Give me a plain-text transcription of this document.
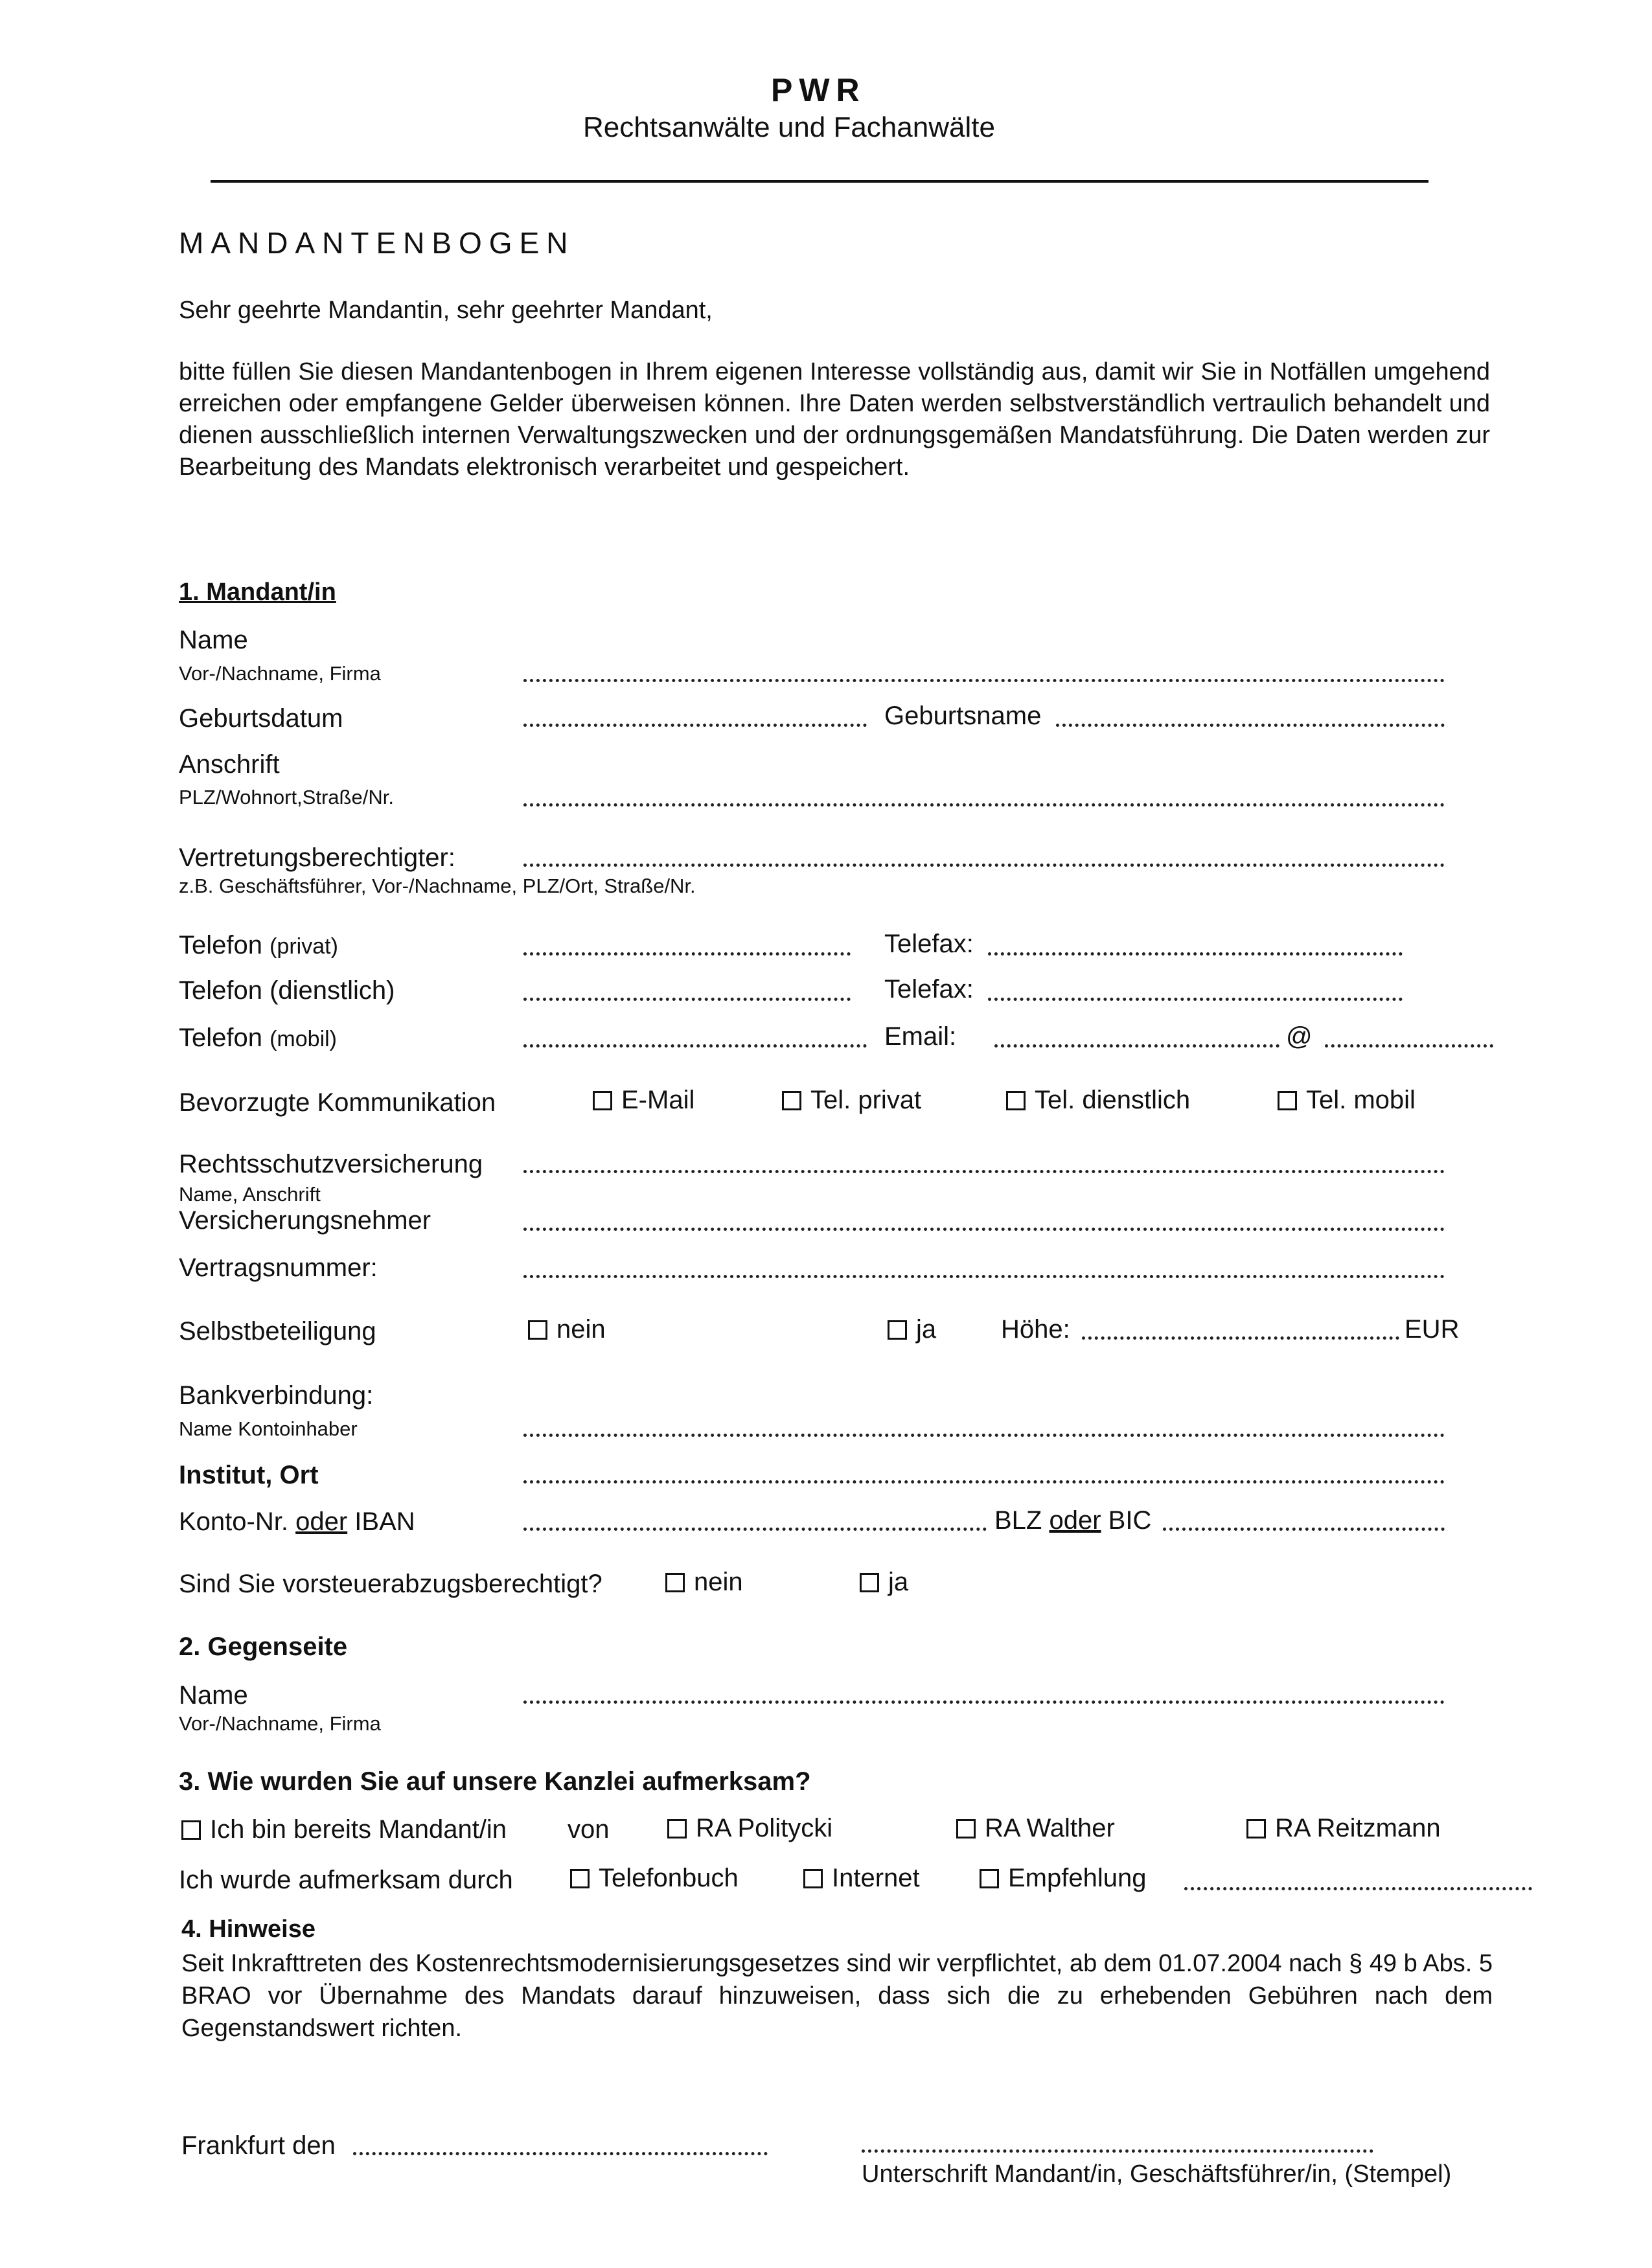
PWR
Rechtsanwälte und Fachanwälte
MANDANTENBOGEN
Sehr geehrte Mandantin, sehr geehrter Mandant,
bitte füllen Sie diesen Mandantenbogen in Ihrem eigenen Interesse vollständig aus, damit wir Sie in Notfällen umgehend erreichen oder empfangene Gelder überweisen können. Ihre Daten werden selbstverständlich vertraulich behandelt und dienen ausschließlich internen Verwaltungszwecken und der ordnungsgemäßen Mandatsführung. Die Daten werden zur Bearbeitung des Mandats elektronisch verarbeitet und gespeichert.
1. Mandant/in
Name
Vor-/Nachname, Firma
Geburtsdatum	Geburtsname
Anschrift
PLZ/Wohnort,Straße/Nr.
Vertretungsberechtigter:
z.B. Geschäftsführer, Vor-/Nachname, PLZ/Ort, Straße/Nr.
Telefon (privat)	Telefax:
Telefon (dienstlich)	Telefax:
Telefon (mobil)	Email:	@
Bevorzugte Kommunikation	E-Mail	Tel. privat	Tel. dienstlich	Tel. mobil
Rechtsschutzversicherung
Name, Anschrift
Versicherungsnehmer
Vertragsnummer:
Selbstbeteiligung	nein	ja Höhe:	EUR
Bankverbindung:
Name Kontoinhaber
Institut, Ort
Konto-Nr. oder IBAN	BLZ oder BIC
Sind Sie vorsteuerabzugsberechtigt?	nein	ja
2. Gegenseite
Name
Vor-/Nachname, Firma
3. Wie wurden Sie auf unsere Kanzlei aufmerksam?
Ich bin bereits Mandant/in von	RA Politycki	RA Walther	RA Reitzmann
Ich wurde aufmerksam durch	Telefonbuch	Internet	Empfehlung
4. Hinweise
Seit Inkrafttreten des Kostenrechtsmodernisierungsgesetzes sind wir verpflichtet, ab dem 01.07.2004 nach § 49 b Abs. 5 BRAO vor Übernahme des Mandats darauf hinzuweisen, dass sich die zu erhebenden Gebühren nach dem Gegenstandswert richten.
Frankfurt den
Unterschrift Mandant/in, Geschäftsführer/in, (Stempel)
